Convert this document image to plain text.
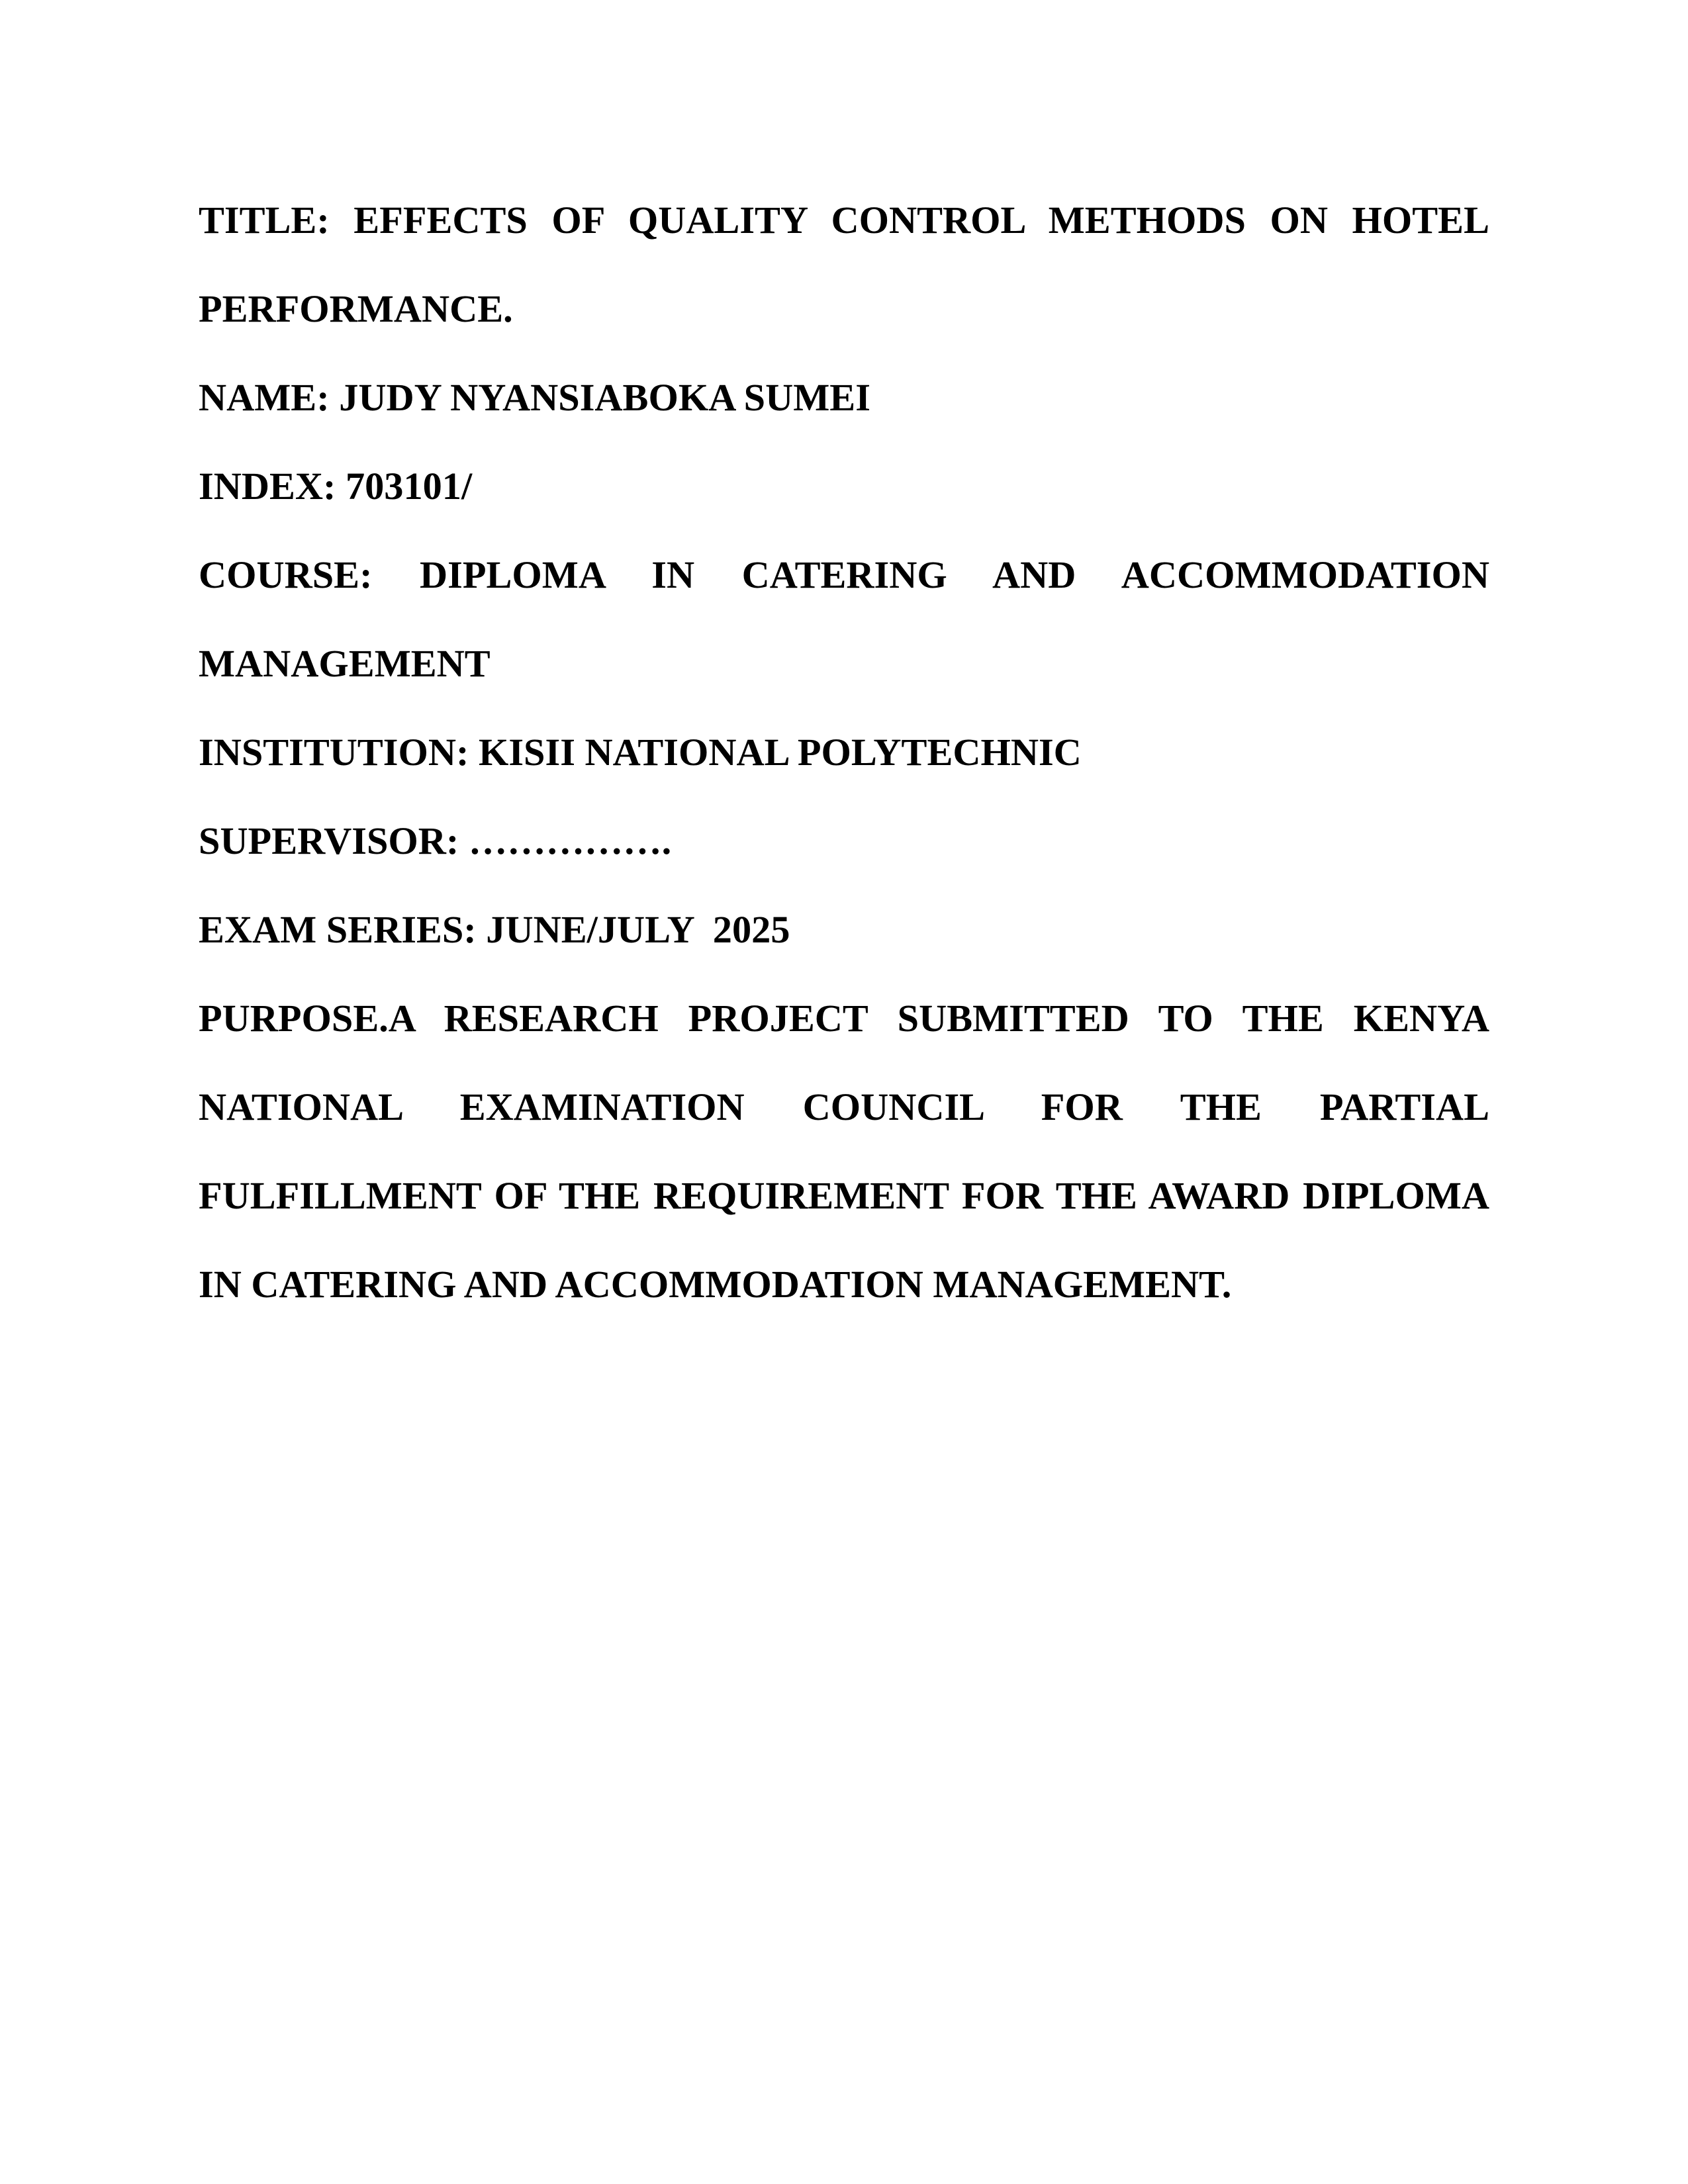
TITLE: EFFECTS OF QUALITY CONTROL METHODS ON HOTEL
PERFORMANCE.
NAME: JUDY NYANSIABOKA SUMEI
INDEX: 703101/
COURSE: DIPLOMA IN CATERING AND ACCOMMODATION
MANAGEMENT
INSTITUTION: KISII NATIONAL POLYTECHNIC
SUPERVISOR: …………….
EXAM SERIES: JUNE/JULY  2025
PURPOSE.A RESEARCH PROJECT SUBMITTED TO THE KENYA
NATIONAL EXAMINATION COUNCIL FOR THE PARTIAL
FULFILLMENT OF THE REQUIREMENT FOR THE AWARD DIPLOMA
IN CATERING AND ACCOMMODATION MANAGEMENT.
